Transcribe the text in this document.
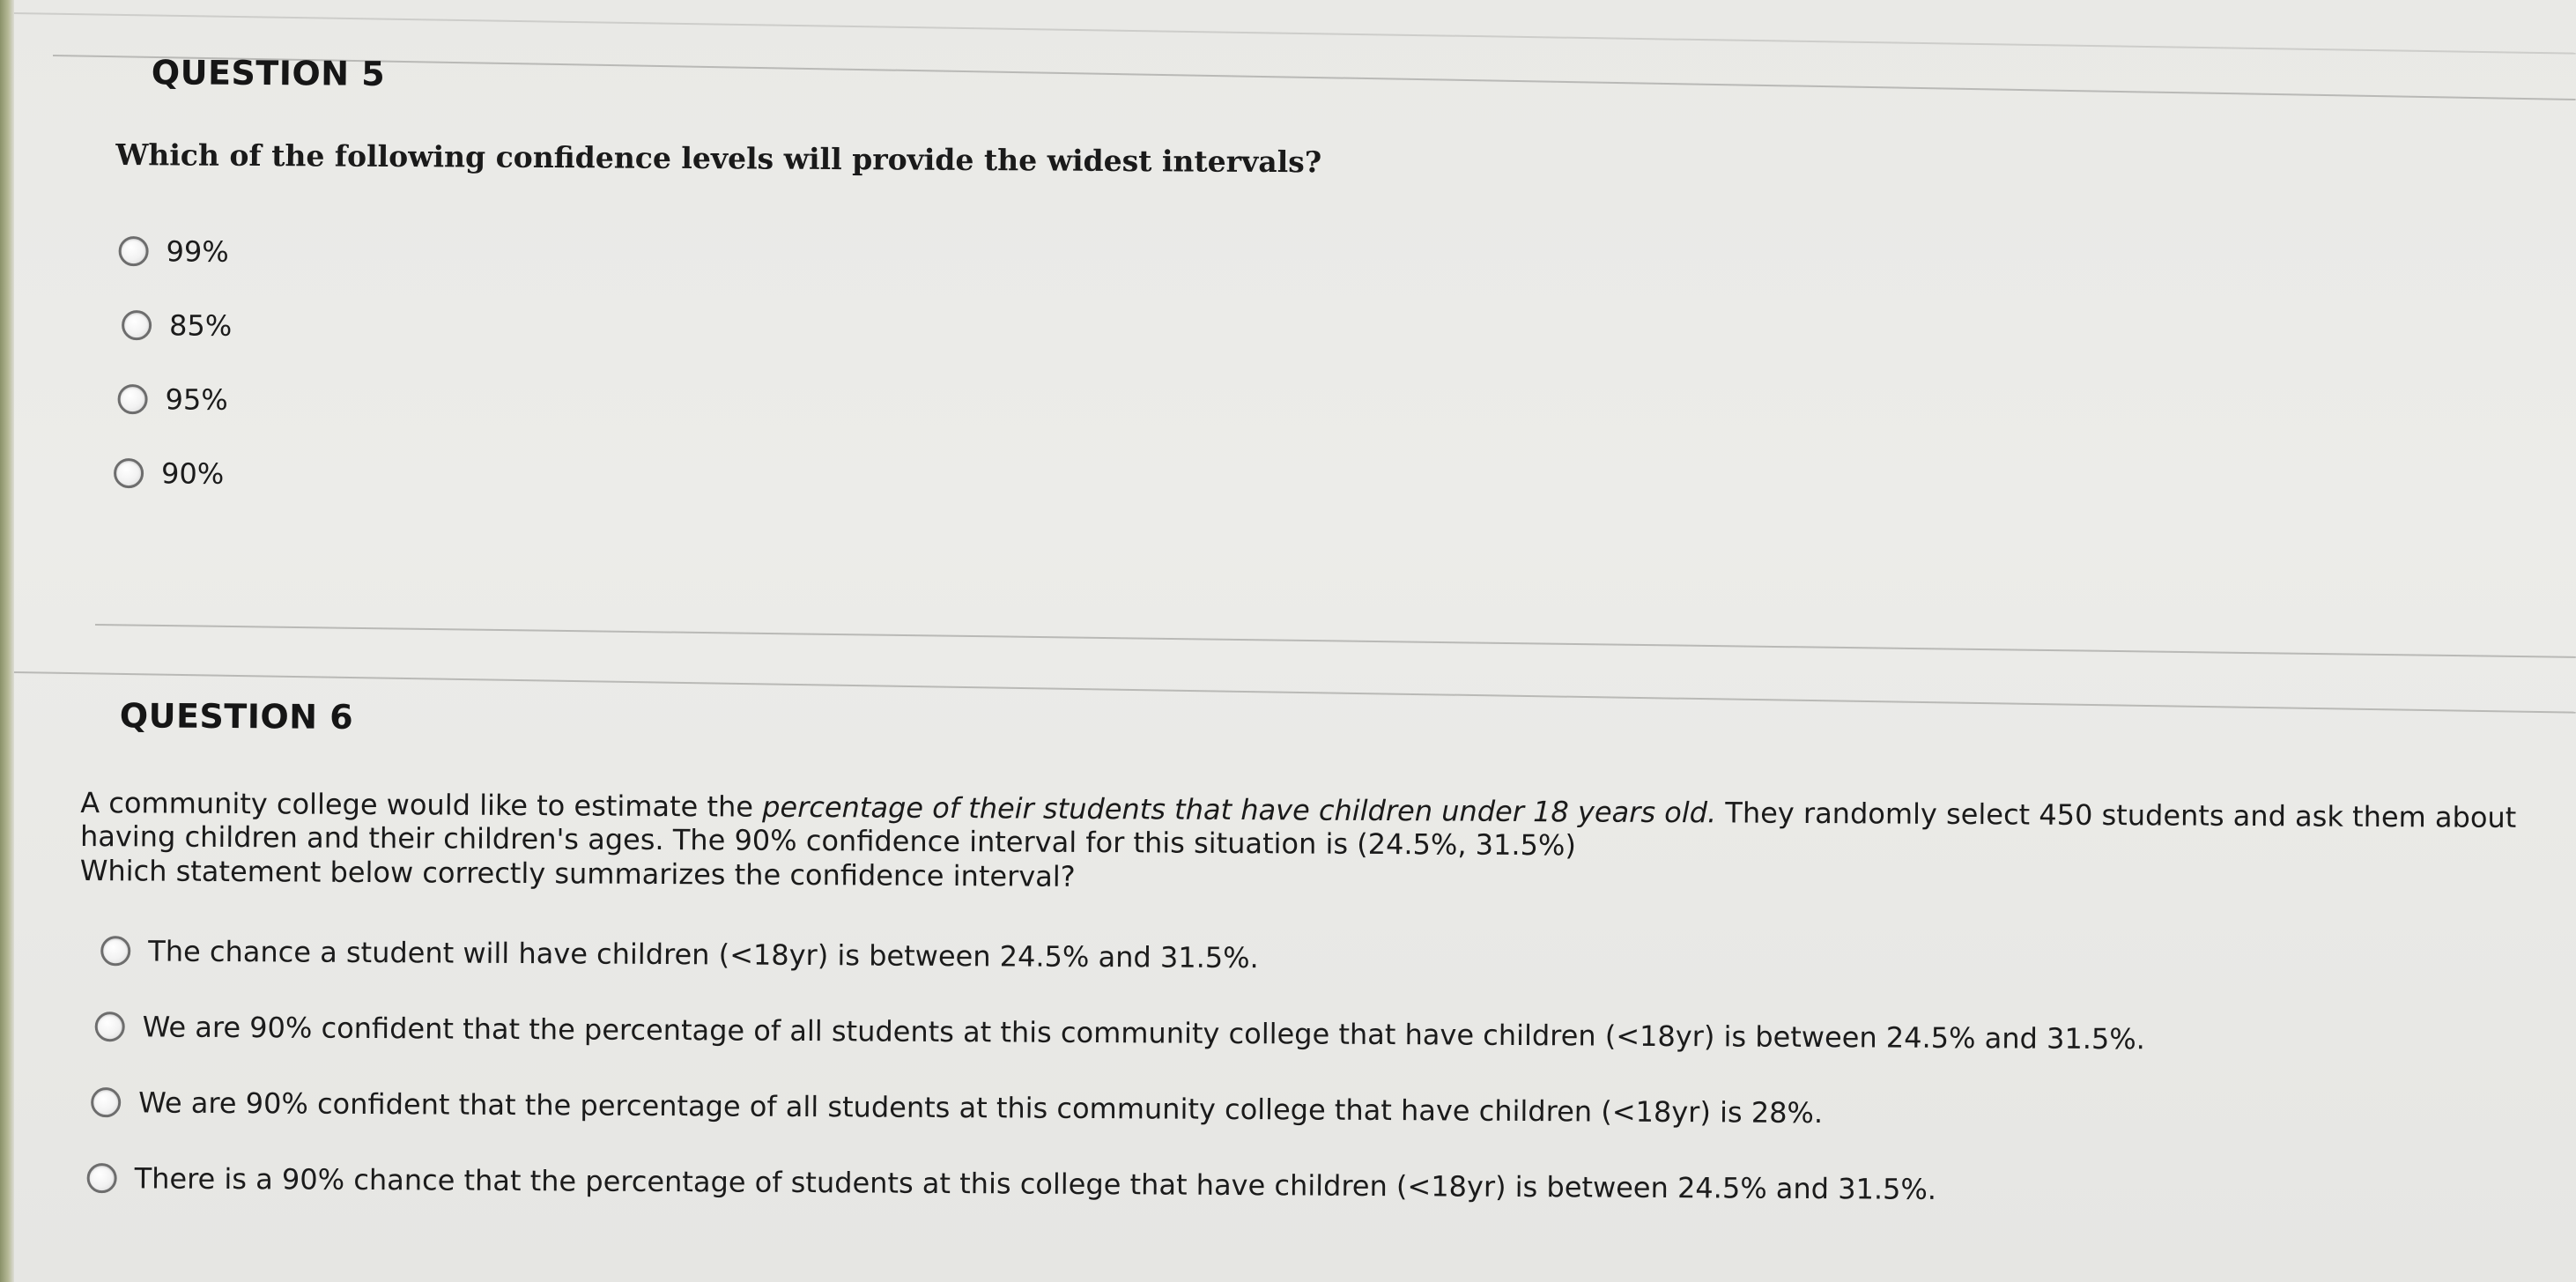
QUESTION 5
Which of the following confidence levels will provide the widest intervals?
99%
85%
95%
90%
QUESTION 6
A community college would like to estimate the percentage of their students that have children under 18 years old. They randomly select 450 students and ask them about having children and their children's ages. The 90% confidence interval for this situation is (24.5%, 31.5%)
Which statement below correctly summarizes the confidence interval?
The chance a student will have children (<18yr) is between 24.5% and 31.5%.
We are 90% confident that the percentage of all students at this community college that have children (<18yr) is between 24.5% and 31.5%.
We are 90% confident that the percentage of all students at this community college that have children (<18yr) is 28%.
There is a 90% chance that the percentage of students at this college that have children (<18yr) is between 24.5% and 31.5%.
